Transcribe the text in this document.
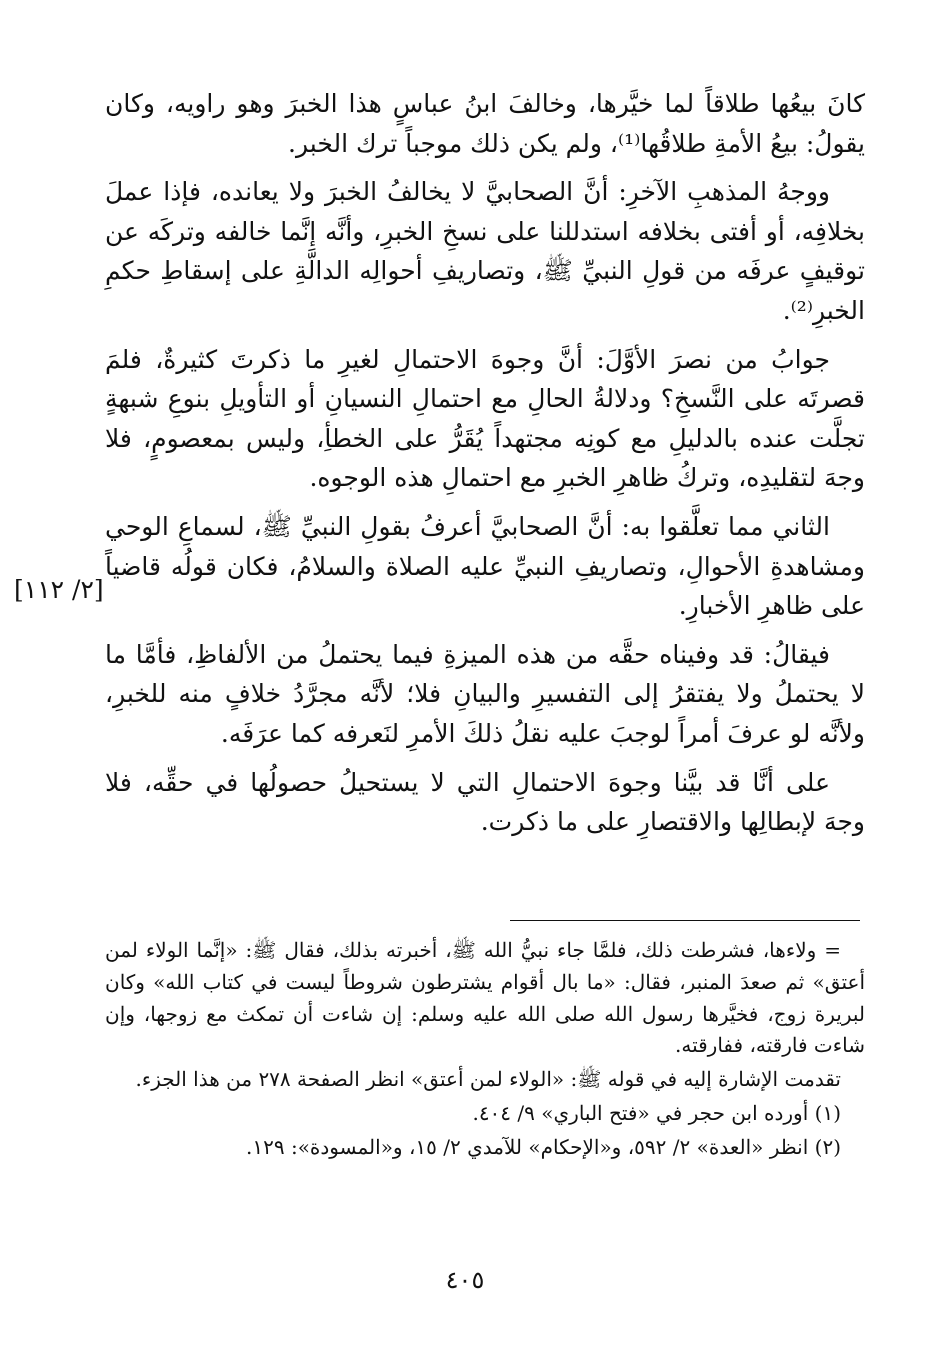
كانَ بيعُها طلاقاً لما خيَّرها، وخالفَ ابنُ عباسٍ هذا الخبرَ وهو راويه، وكان يقولُ: بيعُ الأمةِ طلاقُها⁽¹⁾، ولم يكن ذلك موجباً ترك الخبر.

ووجهُ المذهبِ الآخرِ: أنَّ الصحابيَّ لا يخالفُ الخبرَ ولا يعانده، فإذا عملَ بخلافِه، أو أفتى بخلافه استدللنا على نسخِ الخبرِ، وأنَّه إنَّما خالفه وتركَه عن توقيفٍ عرفَه من قولِ النبيِّ ﷺ، وتصاريفِ أحوالِه الدالَّةِ على إسقاطِ حكمِ الخبرِ⁽²⁾.

جوابُ من نصرَ الأوَّلَ: أنَّ وجوهَ الاحتمالِ لغيرِ ما ذكرتَ كثيرةٌ، فلمَ قصرتَه على النَّسخِ؟ ودلالةُ الحالِ مع احتمالِ النسيانِ أو التأويلِ بنوعِ شبهةٍ تجلَّت عنده بالدليلِ مع كونِه مجتهداً يُقَرُّ على الخطأِ، وليس بمعصومٍ، فلا وجهَ لتقليدِه، وتركُ ظاهرِ الخبرِ مع احتمالِ هذه الوجوه.

الثاني مما تعلَّقوا به: أنَّ الصحابيَّ أعرفُ بقولِ النبيِّ ﷺ، لسماعِ الوحي ومشاهدةِ الأحوالِ، وتصاريفِ النبيِّ عليه الصلاة والسلامُ، فكان قولُه قاضياً على ظاهرِ الأخبارِ.

فيقالُ: قد وفيناه حقَّه من هذه الميزةِ فيما يحتملُ من الألفاظِ، فأمَّا ما لا يحتملُ ولا يفتقرُ إلى التفسيرِ والبيانِ فلا؛ لأنَّه مجرَّدُ خلافٍ منه للخبرِ، ولأنَّه لو عرفَ أمراً لوجبَ عليه نقلُ ذلكَ الأمرِ لنَعرفه كما عرَفَه.

على أنَّا قد بيَّنا وجوهَ الاحتمالِ التي لا يستحيلُ حصولُها في حقِّه، فلا وجهَ لإبطالِها والاقتصارِ على ما ذكرت.

[٢/ ١١٢]

= ولاءها، فشرطت ذلك، فلمَّا جاء نبيُّ الله ﷺ، أخبرته بذلك، فقال ﷺ: «إنَّما الولاء لمن أعتق» ثم صعدَ المنبر، فقال: «ما بال أقوام يشترطون شروطاً ليست في كتاب الله» وكان لبريرة زوج، فخيَّرها رسول الله صلى الله عليه وسلم: إن شاءت أن تمكث مع زوجها، وإن شاءت فارقته، ففارقته.

تقدمت الإشارة إليه في قوله ﷺ: «الولاء لمن أعتق» انظر الصفحة ٢٧٨ من هذا الجزء.

(١) أورده ابن حجر في «فتح الباري» ٩/ ٤٠٤.

(٢) انظر «العدة» ٢/ ٥٩٢، و«الإحكام» للآمدي ٢/ ١٥، و«المسودة»: ١٢٩.

٤٠٥
